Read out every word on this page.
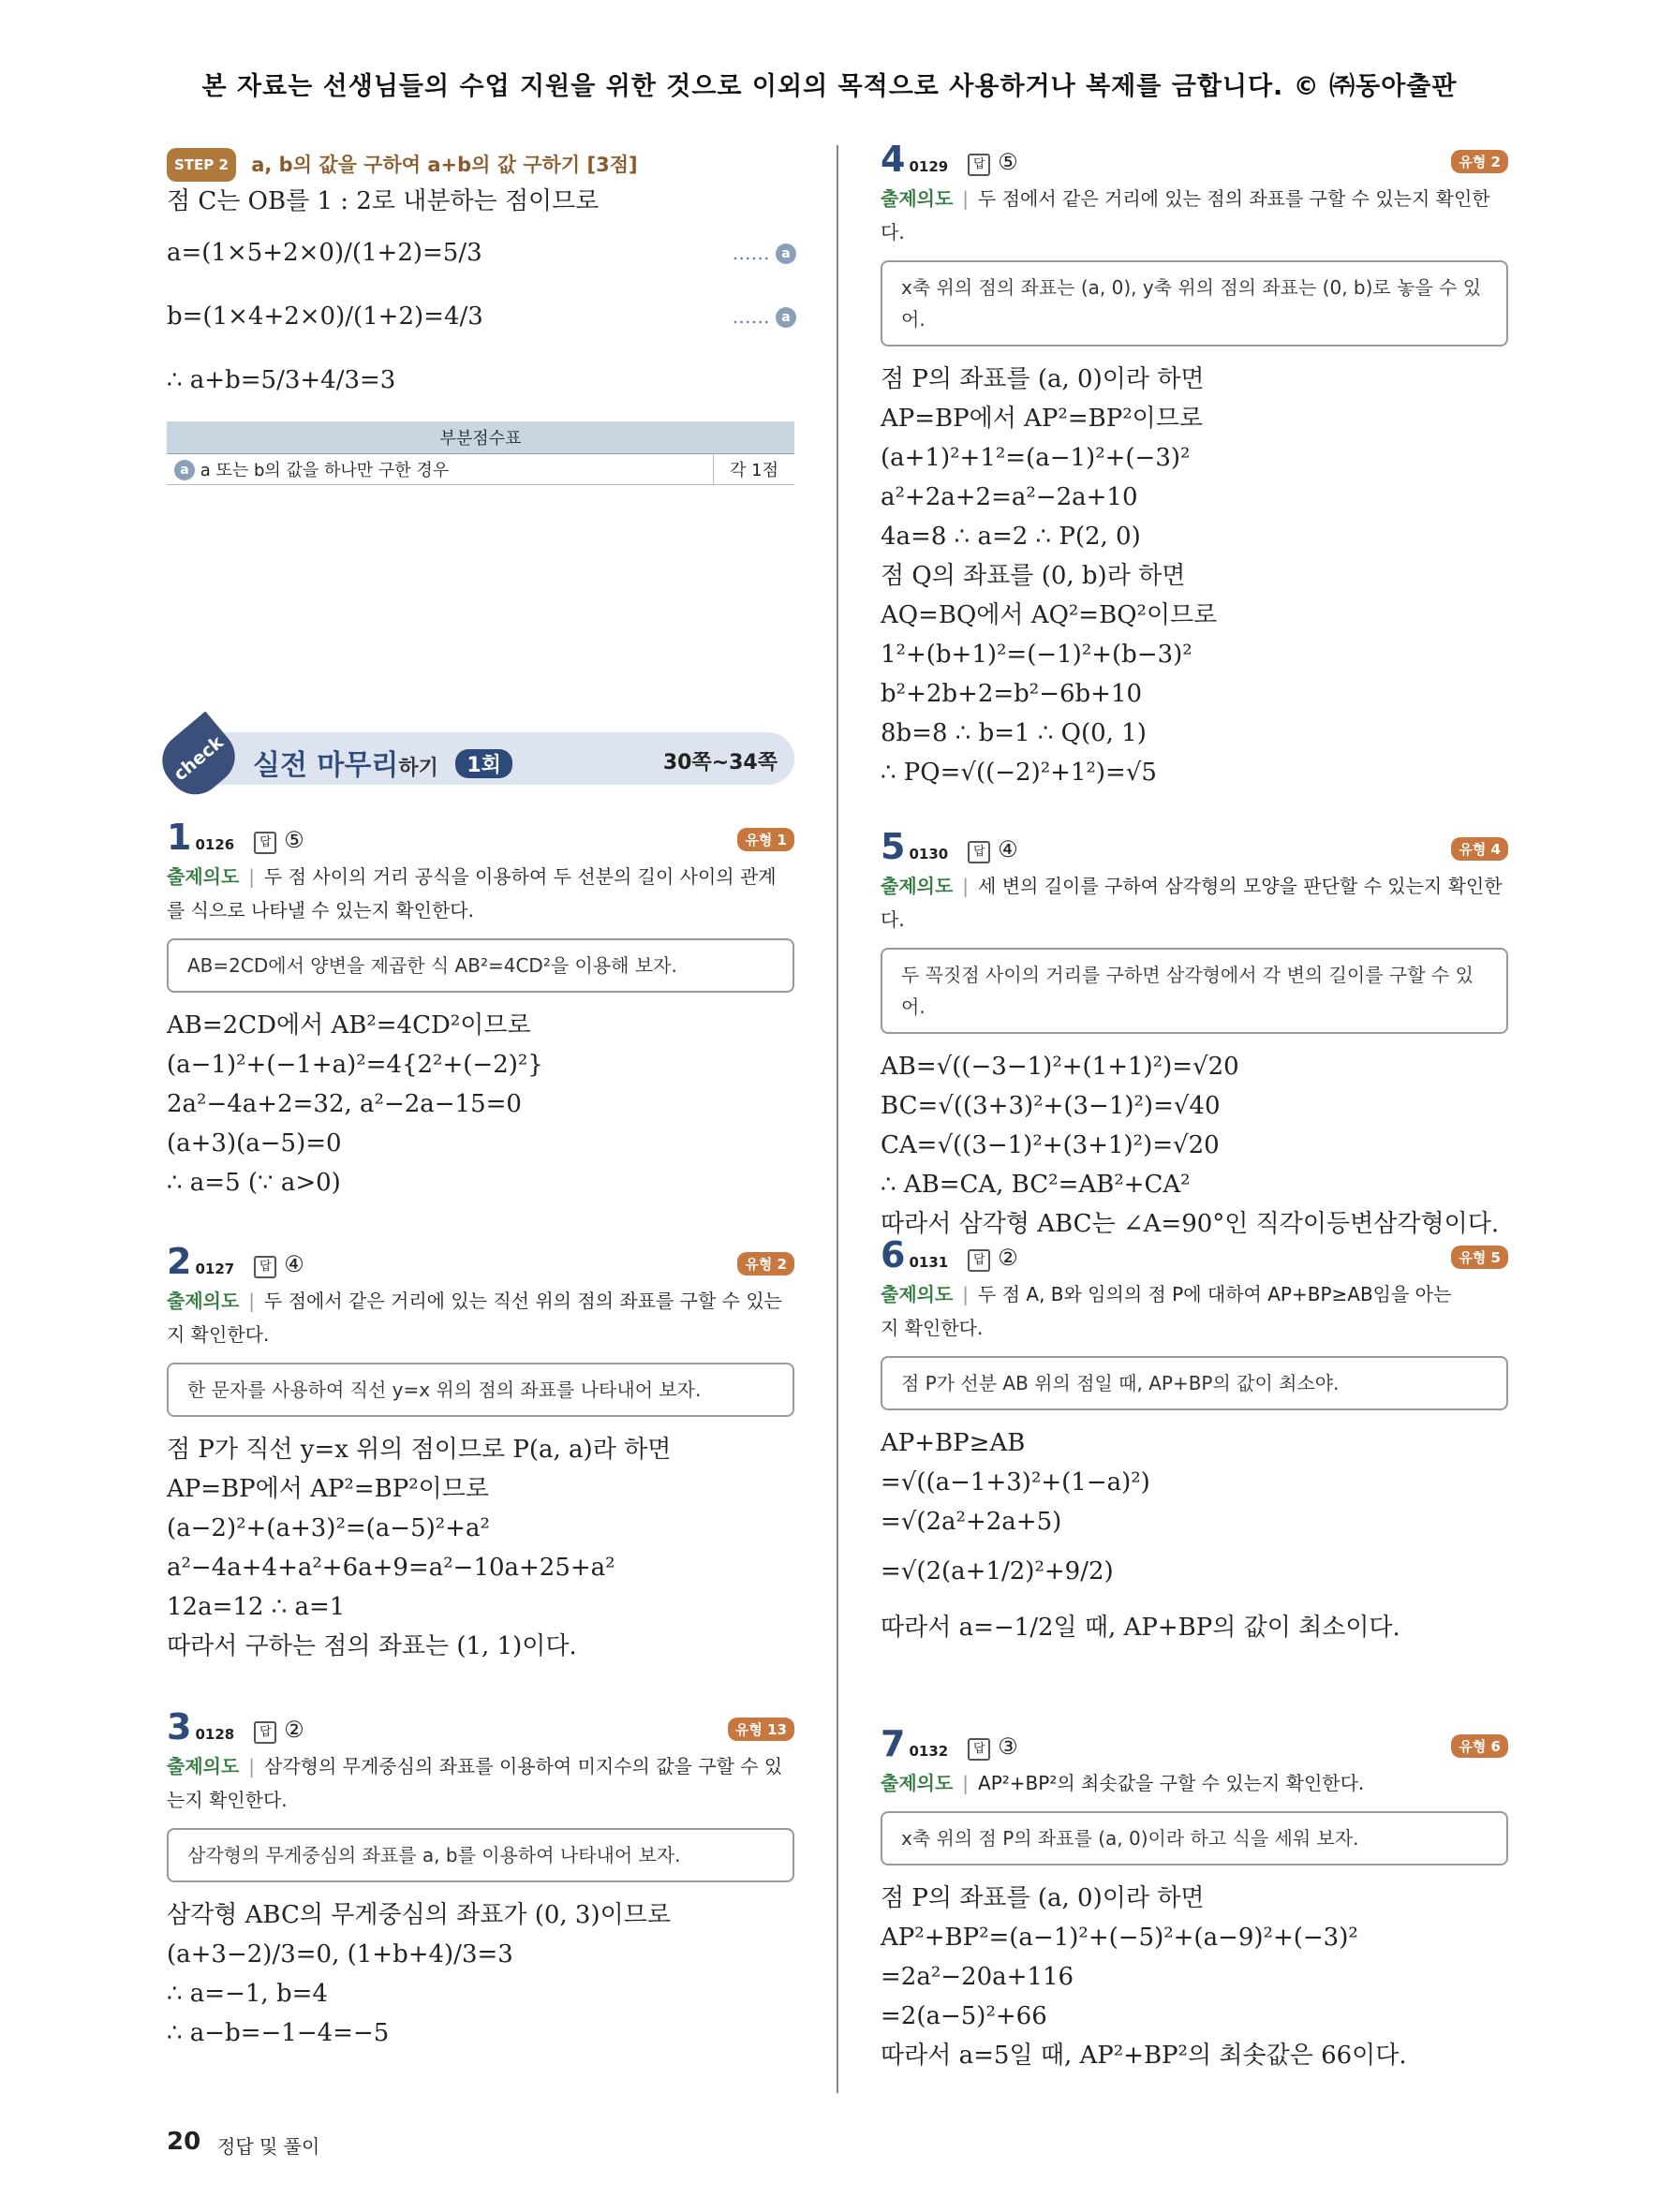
본 자료는 선생님들의 수업 지원을 위한 것으로 이외의 목적으로 사용하거나 복제를 금합니다. © ㈜동아출판
STEP 2 a, b의 값을 구하여 a+b의 값 구하기 [3점]
점 C는 OB를 1 : 2로 내분하는 점이므로
a=(1×5+2×0)/(1+2)=5/3	…… a
b=(1×4+2×0)/(1+2)=4/3	…… a
∴ a+b=5/3+4/3=3
부분점수표
a a 또는 b의 값을 하나만 구한 경우	각 1점
check 실전 마무리하기 1회	30쪽~34쪽
1 0126 답 ⑤	유형 1
출제의도 | 두 점 사이의 거리 공식을 이용하여 두 선분의 길이 사이의 관계
를 식으로 나타낼 수 있는지 확인한다.
AB=2CD에서 양변을 제곱한 식 AB²=4CD²을 이용해 보자.
AB=2CD에서 AB²=4CD²이므로
(a−1)²+(−1+a)²=4{2²+(−2)²}
2a²−4a+2=32, a²−2a−15=0
(a+3)(a−5)=0
∴ a=5 (∵ a>0)
2 0127 답 ④	유형 2
출제의도 | 두 점에서 같은 거리에 있는 직선 위의 점의 좌표를 구할 수 있는
지 확인한다.
한 문자를 사용하여 직선 y=x 위의 점의 좌표를 나타내어 보자.
점 P가 직선 y=x 위의 점이므로 P(a, a)라 하면
AP=BP에서 AP²=BP²이므로
(a−2)²+(a+3)²=(a−5)²+a²
a²−4a+4+a²+6a+9=a²−10a+25+a²
12a=12 ∴ a=1
따라서 구하는 점의 좌표는 (1, 1)이다.
3 0128 답 ②	유형 13
출제의도 | 삼각형의 무게중심의 좌표를 이용하여 미지수의 값을 구할 수 있
는지 확인한다.
삼각형의 무게중심의 좌표를 a, b를 이용하여 나타내어 보자.
삼각형 ABC의 무게중심의 좌표가 (0, 3)이므로
(a+3−2)/3=0, (1+b+4)/3=3
∴ a=−1, b=4
∴ a−b=−1−4=−5
4 0129 답 ⑤	유형 2
출제의도 | 두 점에서 같은 거리에 있는 점의 좌표를 구할 수 있는지 확인한다.
x축 위의 점의 좌표는 (a, 0), y축 위의 점의 좌표는 (0, b)로 놓을 수 있어.
점 P의 좌표를 (a, 0)이라 하면
AP=BP에서 AP²=BP²이므로
(a+1)²+1²=(a−1)²+(−3)²
a²+2a+2=a²−2a+10
4a=8 ∴ a=2 ∴ P(2, 0)
점 Q의 좌표를 (0, b)라 하면
AQ=BQ에서 AQ²=BQ²이므로
1²+(b+1)²=(−1)²+(b−3)²
b²+2b+2=b²−6b+10
8b=8 ∴ b=1 ∴ Q(0, 1)
∴ PQ=√((−2)²+1²)=√5
5 0130 답 ④	유형 4
출제의도 | 세 변의 길이를 구하여 삼각형의 모양을 판단할 수 있는지 확인한다.
두 꼭짓점 사이의 거리를 구하면 삼각형에서 각 변의 길이를 구할 수 있어.
AB=√((−3−1)²+(1+1)²)=√20
BC=√((3+3)²+(3−1)²)=√40
CA=√((3−1)²+(3+1)²)=√20
∴ AB=CA, BC²=AB²+CA²
따라서 삼각형 ABC는 ∠A=90°인 직각이등변삼각형이다.
6 0131 답 ②	유형 5
출제의도 | 두 점 A, B와 임의의 점 P에 대하여 AP+BP≥AB임을 아는
지 확인한다.
점 P가 선분 AB 위의 점일 때, AP+BP의 값이 최소야.
AP+BP≥AB
=√((a−1+3)²+(1−a)²)
=√(2a²+2a+5)
=√(2(a+1/2)²+9/2)
따라서 a=−1/2일 때, AP+BP의 값이 최소이다.
7 0132 답 ③	유형 6
출제의도 | AP²+BP²의 최솟값을 구할 수 있는지 확인한다.
x축 위의 점 P의 좌표를 (a, 0)이라 하고 식을 세워 보자.
점 P의 좌표를 (a, 0)이라 하면
AP²+BP²=(a−1)²+(−5)²+(a−9)²+(−3)²
=2a²−20a+116
=2(a−5)²+66
따라서 a=5일 때, AP²+BP²의 최솟값은 66이다.
20 정답 및 풀이
